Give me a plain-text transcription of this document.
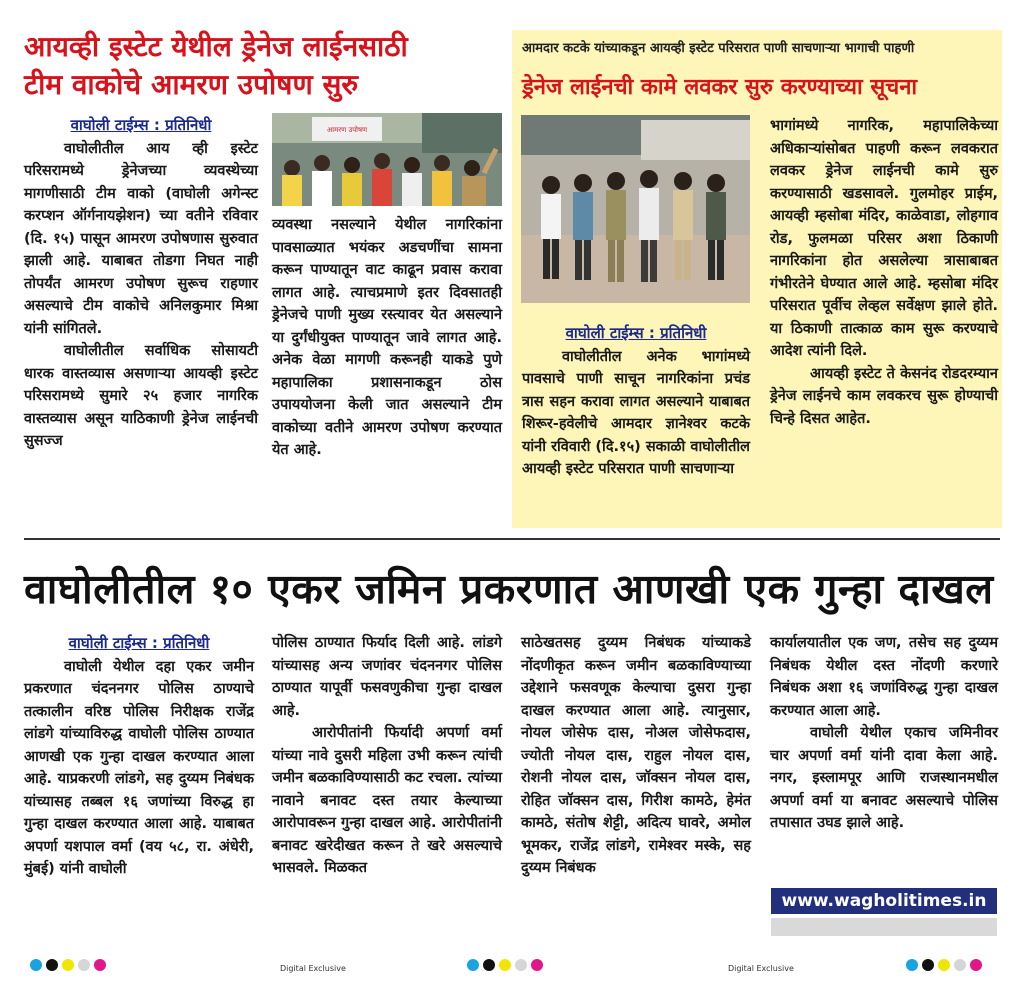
आयव्ही इस्टेट येथील ड्रेनेज लाईनसाठी
टीम वाकोचे आमरण उपोषण सुरु
वाघोली टाईम्स : प्रतिनिधी

वाघोलीतील आय व्ही इस्टेट परिसरामध्ये ड्रेनेजच्या व्यवस्थेच्या मागणीसाठी टीम वाको (वाघोली अगेन्स्ट करप्शन ऑर्गनायझेशन) च्या वतीने रविवार (दि. १५) पासून आमरण उपोषणास सुरुवात झाली आहे. याबाबत तोडगा निघत नाही तोपर्यंत आमरण उपोषण सुरूच राहणार असल्याचे टीम वाकोचे अनिलकुमार मिश्रा यांनी सांगितले.

वाघोलीतील सर्वाधिक सोसायटी धारक वास्तव्यास असणाऱ्या आयव्ही इस्टेट परिसरामध्ये सुमारे २५ हजार नागरिक वास्तव्यास असून याठिकाणी ड्रेनेज लाईनची सुसज्ज

आमरण उपोषण

व्यवस्था नसल्याने येथील नागरिकांना पावसाळ्यात भयंकर अडचणींचा सामना करून पाण्यातून वाट काढून प्रवास करावा लागत आहे. त्याचप्रमाणे इतर दिवसातही ड्रेनेजचे पाणी मुख्य रस्त्यावर येत असल्याने या दुर्गंधीयुक्त पाण्यातून जावे लागत आहे. अनेक वेळा मागणी करूनही याकडे पुणे महापालिका प्रशासनाकडून ठोस उपाययोजना केली जात असल्याने टीम वाकोच्या वतीने आमरण उपोषण करण्यात येत आहे.

आमदार कटके यांच्याकडून आयव्ही इस्टेट परिसरात पाणी साचणाऱ्या भागाची पाहणी
ड्रेनेज लाईनची कामे लवकर सुरु करण्याच्या सूचना
वाघोली टाईम्स : प्रतिनिधी

वाघोलीतील अनेक भागांमध्ये पावसाचे पाणी साचून नागरिकांना प्रचंड त्रास सहन करावा लागत असल्याने याबाबत शिरूर-हवेलीचे आमदार ज्ञानेश्वर कटके यांनी रविवारी (दि.१५) सकाळी वाघोलीतील आयव्ही इस्टेट परिसरात पाणी साचणाऱ्या

भागांमध्ये नागरिक, महापालिकेच्या अधिकाऱ्यांसोबत पाहणी करून लवकरात लवकर ड्रेनेज लाईनची कामे सुरु करण्यासाठी खडसावले. गुलमोहर प्राईम, आयव्ही म्हसोबा मंदिर, काळेवाडा, लोहगाव रोड, फुलमळा परिसर अशा ठिकाणी नागरिकांना होत असलेल्या त्रासाबाबत गंभीरतेने घेण्यात आले आहे. म्हसोबा मंदिर परिसरात पूर्वीच लेव्हल सर्वेक्षण झाले होते. या ठिकाणी तात्काळ काम सुरू करण्याचे आदेश त्यांनी दिले.

आयव्ही इस्टेट ते केसनंद रोडदरम्यान ड्रेनेज लाईनचे काम लवकरच सुरू होण्याची चिन्हे दिसत आहेत.

वाघोलीतील १० एकर जमिन प्रकरणात आणखी एक गुन्हा दाखल
वाघोली टाईम्स : प्रतिनिधी

वाघोली येथील दहा एकर जमीन प्रकरणात चंदननगर पोलिस ठाण्याचे तत्कालीन वरिष्ठ पोलिस निरीक्षक राजेंद्र लांडगे यांच्याविरुद्ध वाघोली पोलिस ठाण्यात आणखी एक गुन्हा दाखल करण्यात आला आहे. याप्रकरणी लांडगे, सह दुय्यम निबंधक यांच्यासह तब्बल १६ जणांच्या विरुद्ध हा गुन्हा दाखल करण्यात आला आहे. याबाबत अपर्णा यशपाल वर्मा (वय ५८, रा. अंधेरी, मुंबई) यांनी वाघोली

पोलिस ठाण्यात फिर्याद दिली आहे. लांडगे यांच्यासह अन्य जणांवर चंदननगर पोलिस ठाण्यात यापूर्वी फसवणुकीचा गुन्हा दाखल आहे.

आरोपीतांनी फिर्यादी अपर्णा वर्मा यांच्या नावे दुसरी महिला उभी करून त्यांची जमीन बळकाविण्यासाठी कट रचला. त्यांच्या नावाने बनावट दस्त तयार केल्याच्या आरोपावरून गुन्हा दाखल आहे. आरोपीतांनी बनावट खरेदीखत करून ते खरे असल्याचे भासवले. मिळकत

साठेखतसह दुय्यम निबंधक यांच्याकडे नोंदणीकृत करून जमीन बळकाविण्याच्या उद्देशाने फसवणूक केल्याचा दुसरा गुन्हा दाखल करण्यात आला आहे. त्यानुसार, नोयल जोसेफ दास, नोअल जोसेफदास, ज्योती नोयल दास, राहुल नोयल दास, रोशनी नोयल दास, जॉक्सन नोयल दास, रोहित जॉक्सन दास, गिरीश कामठे, हेमंत कामठे, संतोष शेट्टी, अदित्य घावरे, अमोल भूमकर, राजेंद्र लांडगे, रामेश्वर मस्के, सह दुय्यम निबंधक

कार्यालयातील एक जण, तसेच सह दुय्यम निबंधक येथील दस्त नोंदणी करणारे निबंधक अशा १६ जणांविरुद्ध गुन्हा दाखल करण्यात आला आहे.

वाघोली येथील एकाच जमिनीवर चार अपर्णा वर्मा यांनी दावा केला आहे. नगर, इस्लामपूर आणि राजस्थानमधील अपर्णा वर्मा या बनावट असल्याचे पोलिस तपासात उघड झाले आहे.

www.wagholitimes.in
Digital Exclusive	Digital Exclusive
